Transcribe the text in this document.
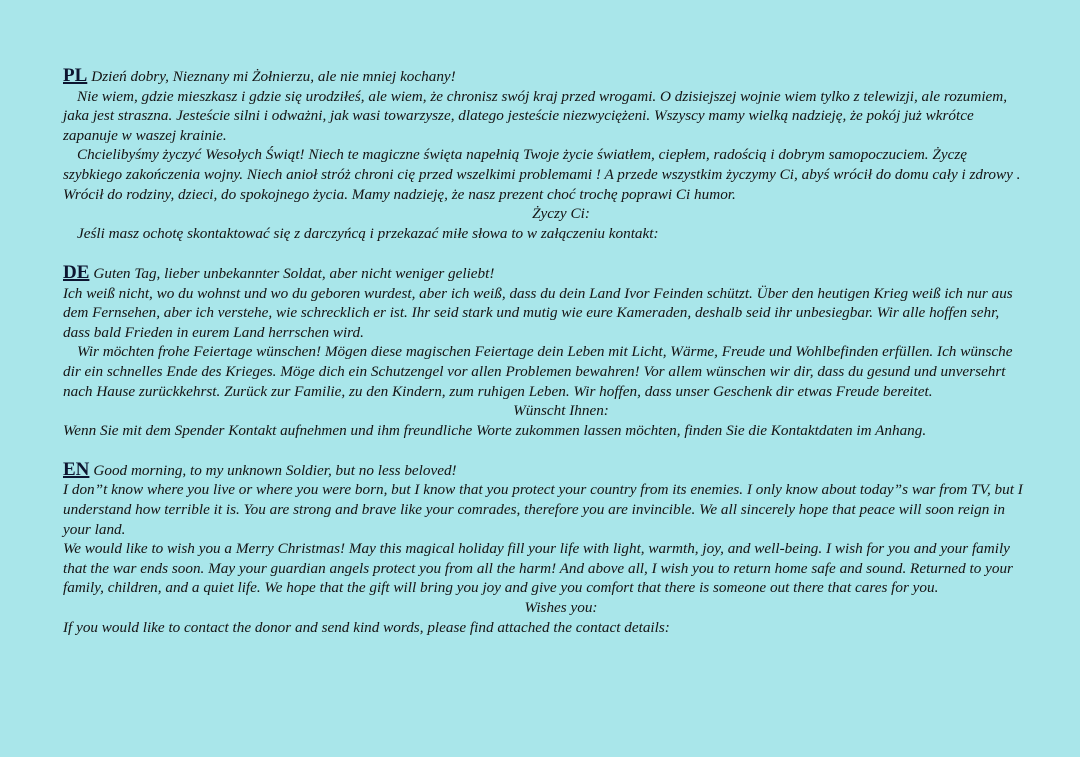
PL Dzień dobry, Nieznany mi Żołnierzu, ale nie mniej kochany!

Nie wiem, gdzie mieszkasz i gdzie się urodziłeś, ale wiem, że chronisz swój kraj przed wrogami. O dzisiejszej wojnie wiem tylko z telewizji, ale rozumiem, jaka jest straszna. Jesteście silni i odważni, jak wasi towarzysze, dlatego jesteście niezwyciężeni. Wszyscy mamy wielką nadzieję, że pokój już wkrótce zapanuje w waszej krainie.

Chcielibyśmy życzyć Wesołych Świąt! Niech te magiczne święta napełnią Twoje życie światłem, ciepłem, radością i dobrym samopoczuciem. Życzę szybkiego zakończenia wojny. Niech anioł stróż chroni cię przed wszelkimi problemami ! A przede wszystkim życzymy Ci, abyś wrócił do domu cały i zdrowy . Wrócił do rodziny, dzieci, do spokojnego życia. Mamy nadzieję, że nasz prezent choć trochę poprawi Ci humor.

Życzy Ci:

Jeśli masz ochotę skontaktować się z darczyńcą i przekazać miłe słowa to w załączeniu kontakt:

DE Guten Tag, lieber unbekannter Soldat, aber nicht weniger geliebt!

Ich weiß nicht, wo du wohnst und wo du geboren wurdest, aber ich weiß, dass du dein Land Ivor Feinden schützt. Über den heutigen Krieg weiß ich nur aus dem Fernsehen, aber ich verstehe, wie schrecklich er ist. Ihr seid stark und mutig wie eure Kameraden, deshalb seid ihr unbesiegbar. Wir alle hoffen sehr, dass bald Frieden in eurem Land herrschen wird.

Wir möchten frohe Feiertage wünschen! Mögen diese magischen Feiertage dein Leben mit Licht, Wärme, Freude und Wohlbefinden erfüllen. Ich wünsche dir ein schnelles Ende des Krieges. Möge dich ein Schutzengel vor allen Problemen bewahren! Vor allem wünschen wir dir, dass du gesund und unversehrt nach Hause zurückkehrst. Zurück zur Familie, zu den Kindern, zum ruhigen Leben. Wir hoffen, dass unser Geschenk dir etwas Freude bereitet.

Wünscht Ihnen:

Wenn Sie mit dem Spender Kontakt aufnehmen und ihm freundliche Worte zukommen lassen möchten, finden Sie die Kontaktdaten im Anhang.

EN Good morning, to my unknown Soldier, but no less beloved!

I don”t know where you live or where you were born, but I know that you protect your country from its enemies. I only know about today”s war from TV, but I understand how terrible it is. You are strong and brave like your comrades, therefore you are invincible. We all sincerely hope that peace will soon reign in your land.

We would like to wish you a Merry Christmas! May this magical holiday fill your life with light, warmth, joy, and well-being. I wish for you and your family that the war ends soon. May your guardian angels protect you from all the harm! And above all, I wish you to return home safe and sound. Returned to your family, children, and a quiet life. We hope that the gift will bring you joy and give you comfort that there is someone out there that cares for you.

Wishes you:

If you would like to contact the donor and send kind words, please find attached the contact details:
